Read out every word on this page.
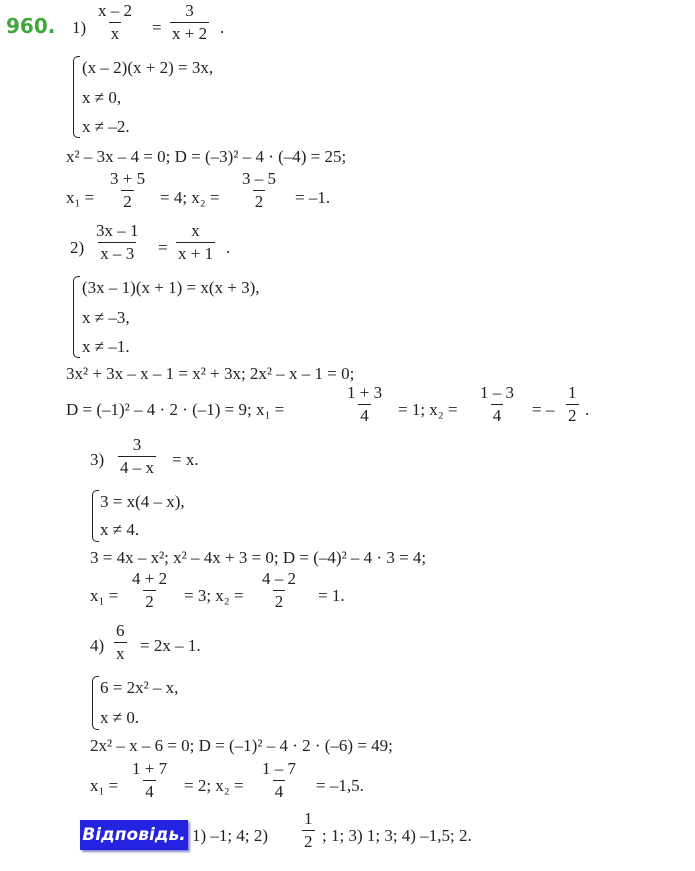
960. $1) \frac{x - 2}{x} = \frac{3}{x + 2}$ .
(x – 2)(x + 2) = 3x,
x ≠ 0,
x ≠ –2.
x² – 3x – 4 = 0; D = (–3)² – 4 · (–4) = 25;
$x_1 = \frac{3 + 5}{2} = 4$; $x_2 = \frac{3 - 5}{2} = -1$.
$2) \frac{3x - 1}{x - 3} = \frac{x}{x + 1}$ .
(3x – 1)(x + 1) = x(x + 3),
x ≠ –3,
x ≠ –1.
3x² + 3x – x – 1 = x² + 3x; 2x² – x – 1 = 0;
D = (–1)² – 4 · 2 · (–1) = 9; x₁ =	$\frac{1 + 3}{4} = 1$; $x_2 = \frac{1 - 3}{4}$ = – $\frac{1}{2}$ .
$3) \frac{3}{4 - x} = x$.
3 = x(4 – x),
x ≠ 4.
3 = 4x – x²; x² – 4x + 3 = 0; D = (–4)² – 4 · 3 = 4;
$x_1 = \frac{4 + 2}{2} = 3$; $x_2 = \frac{4 - 2}{2} = 1$.
$4) \frac{6}{x} = 2x - 1$.
6 = 2x² – x,
x ≠ 0.
2x² – x – 6 = 0; D = (–1)² – 4 · 2 · (–6) = 49;
$x_1 = \frac{1 + 7}{4} = 2$; $x_2 = \frac{1 - 7}{4} = -1,5$.
Відповідь. 1) –1; 4; $2) \frac{1}{2}$ ; 1; 3) 1; 3; 4) –1,5; 2.
